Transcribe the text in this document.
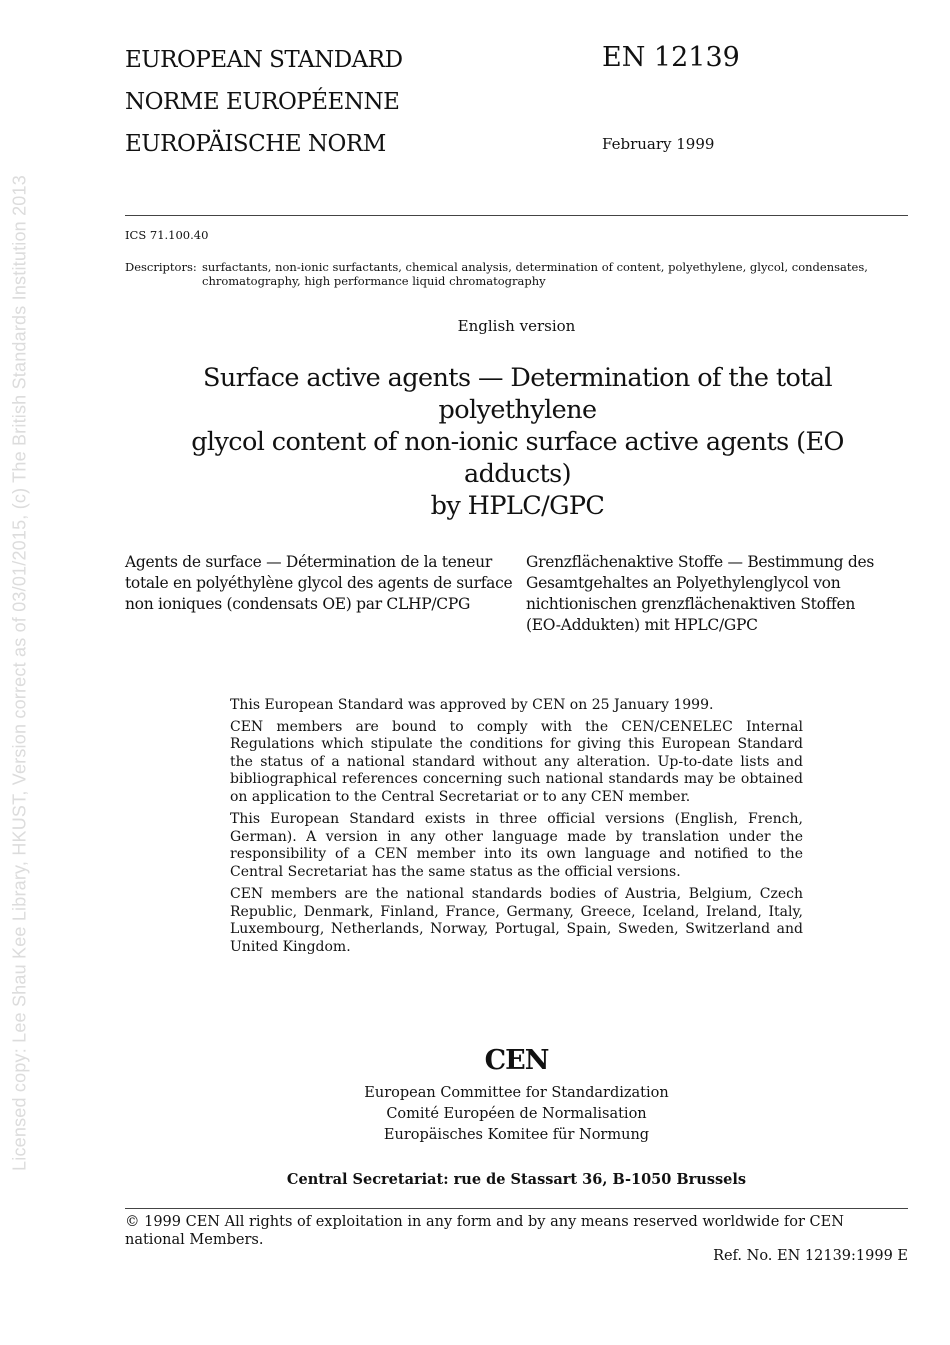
Licensed copy: Lee Shau Kee Library, HKUST, Version correct as of 03/01/2015, (c) The British Standards Institution 2013
EUROPEAN STANDARD
NORME EUROPÉENNE
EUROPÄISCHE NORM
EN 12139
February 1999
ICS 71.100.40
Descriptors: surfactants, non-ionic surfactants, chemical analysis, determination of content, polyethylene, glycol, condensates, chromatography, high performance liquid chromatography
English version
Surface active agents — Determination of the total polyethylene
glycol content of non-ionic surface active agents (EO adducts)
by HPLC/GPC
Agents de surface — Détermination de la teneur
totale en polyéthylène glycol des agents de surface
non ioniques (condensats OE) par CLHP/CPG
Grenzflächenaktive Stoffe — Bestimmung des
Gesamtgehaltes an Polyethylenglycol von
nichtionischen grenzflächenaktiven Stoffen
(EO-Addukten) mit HPLC/GPC

This European Standard was approved by CEN on 25 January 1999.

CEN members are bound to comply with the CEN/CENELEC Internal Regulations which stipulate the conditions for giving this European Standard the status of a national standard without any alteration. Up-to-date lists and bibliographical references concerning such national standards may be obtained on application to the Central Secretariat or to any CEN member.

This European Standard exists in three official versions (English, French, German). A version in any other language made by translation under the responsibility of a CEN member into its own language and notified to the Central Secretariat has the same status as the official versions.

CEN members are the national standards bodies of Austria, Belgium, Czech Republic, Denmark, Finland, France, Germany, Greece, Iceland, Ireland, Italy, Luxembourg, Netherlands, Norway, Portugal, Spain, Sweden, Switzerland and United Kingdom.

CEN
European Committee for Standardization
Comité Européen de Normalisation
Europäisches Komitee für Normung
Central Secretariat: rue de Stassart 36, B-1050 Brussels
© 1999 CEN All rights of exploitation in any form and by any means reserved worldwide for CEN national Members.
Ref. No. EN 12139:1999 E
